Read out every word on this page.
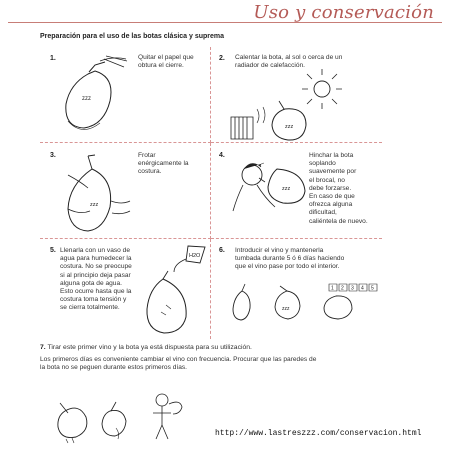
Uso y conservación
Preparación para el uso de las botas clásica y suprema
1.	Quitar el papel que
obtura el cierre.
zzz
2. Calentar la bota, al sol o cerca de un
radiador de calefacción.
zzz
3.	Frotar
enérgicamente la
costura.
zzz
4.	Hinchar la bota
soplando
suavemente por
el brocal, no
debe forzarse.
En caso de que
ofrezca alguna
dificultad,
caliéntela de nuevo.
zzz
5. Llenarla con un vaso de
agua para humedecer la
costura. No se preocupe
si al principio deja pasar
alguna gota de agua.
Esto ocurre hasta que la
costura toma tensión y
se cierra totalmente.
H2O
6. Introducir el vino y mantenerla
tumbada durante 5 ó 6 días haciendo
que el vino pase por todo el interior.
zzz
1 2 3 4 5
7. Tirar este primer vino y la bota ya está dispuesta para su utilización.
Los primeros días es conveniente cambiar el vino con frecuencia. Procurar que las paredes de
la bota no se peguen durante estos primeros días.
http://www.lastreszzz.com/conservacion.html
